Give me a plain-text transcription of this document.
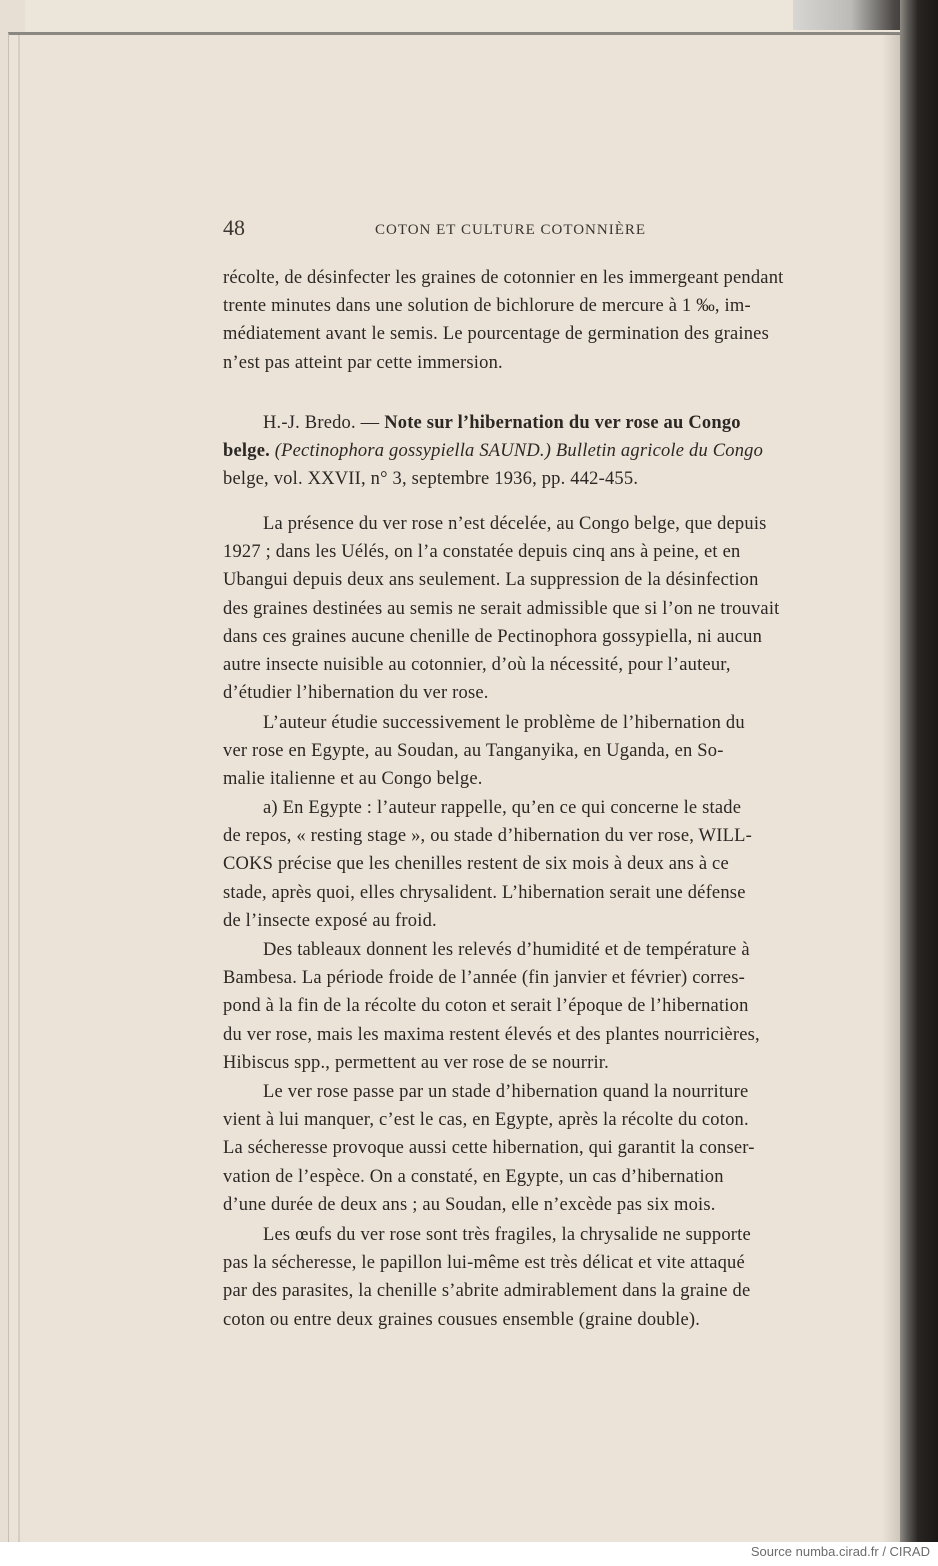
48	COTON ET CULTURE COTONNIÈRE
récolte, de désinfecter les graines de cotonnier en les immergeant pendant
trente minutes dans une solution de bichlorure de mercure à 1 ‰, im-
médiatement avant le semis. Le pourcentage de germination des graines
n’est pas atteint par cette immersion.
H.-J. Bredo. — Note sur l’hibernation du ver rose au Congo
belge. (Pectinophora gossypiella SAUND.) Bulletin agricole du Congo
belge, vol. XXVII, n° 3, septembre 1936, pp. 442-455.
La présence du ver rose n’est décelée, au Congo belge, que depuis
1927 ; dans les Uélés, on l’a constatée depuis cinq ans à peine, et en
Ubangui depuis deux ans seulement. La suppression de la désinfection
des graines destinées au semis ne serait admissible que si l’on ne trouvait
dans ces graines aucune chenille de Pectinophora gossypiella, ni aucun
autre insecte nuisible au cotonnier, d’où la nécessité, pour l’auteur,
d’étudier l’hibernation du ver rose.
L’auteur étudie successivement le problème de l’hibernation du
ver rose en Egypte, au Soudan, au Tanganyika, en Uganda, en So-
malie italienne et au Congo belge.
a) En Egypte : l’auteur rappelle, qu’en ce qui concerne le stade
de repos, « resting stage », ou stade d’hibernation du ver rose, WILL-
COKS précise que les chenilles restent de six mois à deux ans à ce
stade, après quoi, elles chrysalident. L’hibernation serait une défense
de l’insecte exposé au froid.
Des tableaux donnent les relevés d’humidité et de température à
Bambesa. La période froide de l’année (fin janvier et février) corres-
pond à la fin de la récolte du coton et serait l’époque de l’hibernation
du ver rose, mais les maxima restent élevés et des plantes nourricières,
Hibiscus spp., permettent au ver rose de se nourrir.
Le ver rose passe par un stade d’hibernation quand la nourriture
vient à lui manquer, c’est le cas, en Egypte, après la récolte du coton.
La sécheresse provoque aussi cette hibernation, qui garantit la conser-
vation de l’espèce. On a constaté, en Egypte, un cas d’hibernation
d’une durée de deux ans ; au Soudan, elle n’excède pas six mois.
Les œufs du ver rose sont très fragiles, la chrysalide ne supporte
pas la sécheresse, le papillon lui-même est très délicat et vite attaqué
par des parasites, la chenille s’abrite admirablement dans la graine de
coton ou entre deux graines cousues ensemble (graine double).
Source numba.cirad.fr / CIRAD
